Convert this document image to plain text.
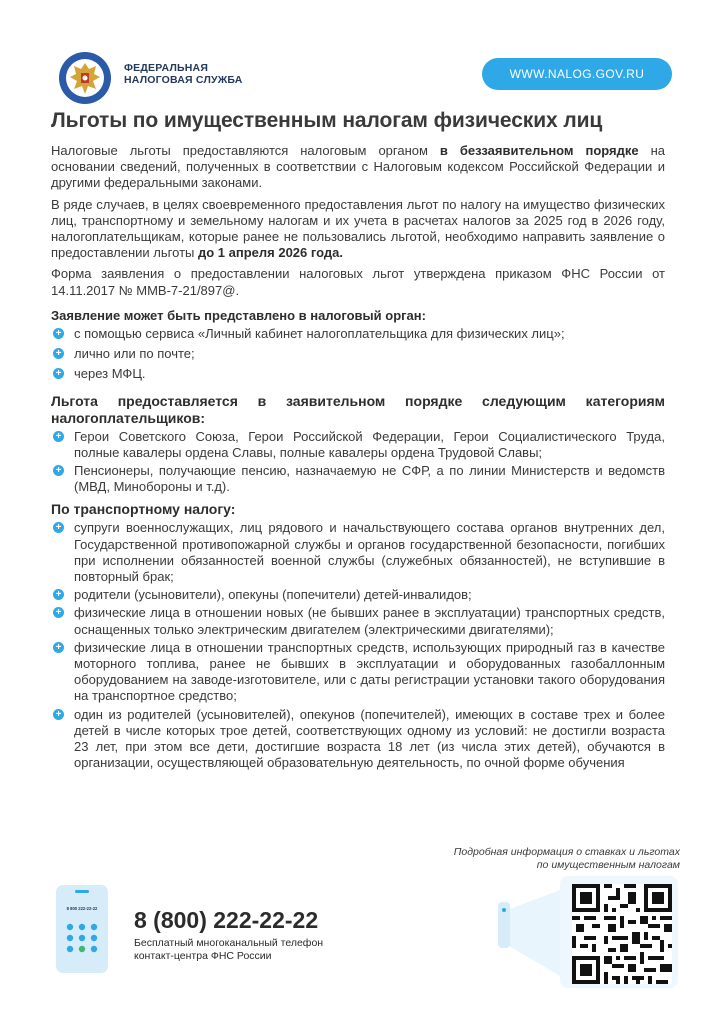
ФЕДЕРАЛЬНАЯ
НАЛОГОВАЯ СЛУЖБА	WWW.NALOG.GOV.RU
Льготы по имущественным налогам физических лиц

Налоговые льготы предоставляются налоговым органом в беззаявительном порядке на основании сведений, полученных в соответствии с Налоговым кодексом Российской Федерации и другими федеральными законами.

В ряде случаев, в целях своевременного предоставления льгот по налогу на имущество физических лиц, транспортному и земельному налогам и их учета в расчетах налогов за 2025 год в 2026 году, налогоплательщикам, которые ранее не пользовались льготой, необходимо направить заявление о предоставлении льготы до 1 апреля 2026 года.

Форма заявления о предоставлении налоговых льгот утверждена приказом ФНС России от 14.11.2017 № ММВ-7-21/897@.

Заявление может быть представлено в налоговый орган:
+ с помощью сервиса «Личный кабинет налогоплательщика для физических лиц»;
+ лично или по почте;
+ через МФЦ.
Льгота предоставляется в заявительном порядке следующим категориям налогоплательщиков:
+ Герои Советского Союза, Герои Российской Федерации, Герои Социалистического Труда, полные кавалеры ордена Славы, полные кавалеры ордена Трудовой Славы;
+ Пенсионеры, получающие пенсию, назначаемую не СФР, а по линии Министерств и ведомств (МВД, Минобороны и т.д).
По транспортному налогу:
+ супруги военнослужащих, лиц рядового и начальствующего состава органов внутренних дел, Государственной противопожарной службы и органов государственной безопасности, погибших при исполнении обязанностей военной службы (служебных обязанностей), не вступившие в повторный брак;
+ родители (усыновители), опекуны (попечители) детей-инвалидов;
+ физические лица в отношении новых (не бывших ранее в эксплуатации) транспортных средств, оснащенных только электрическим двигателем (электрическими двигателями);
+ физические лица в отношении транспортных средств, использующих природный газ в качестве моторного топлива, ранее не бывших в эксплуатации и оборудованных газобаллонным оборудованием на заводе-изготовителе, или с даты регистрации установки такого оборудования на транспортное средство;
+ один из родителей (усыновителей), опекунов (попечителей), имеющих в составе трех и более детей в числе которых трое детей, соответствующих одному из условий: не достигли возраста 23 лет, при этом все дети, достигшие возраста 18 лет (из числа этих детей), обучаются в организации, осуществляющей образовательную деятельность, по очной форме обучения
Подробная информация о ставках и льготах
по имущественным налогам
8 800 222-22-22 8 (800) 222-22-22
Бесплатный многоканальный телефон
контакт-центра ФНС России
